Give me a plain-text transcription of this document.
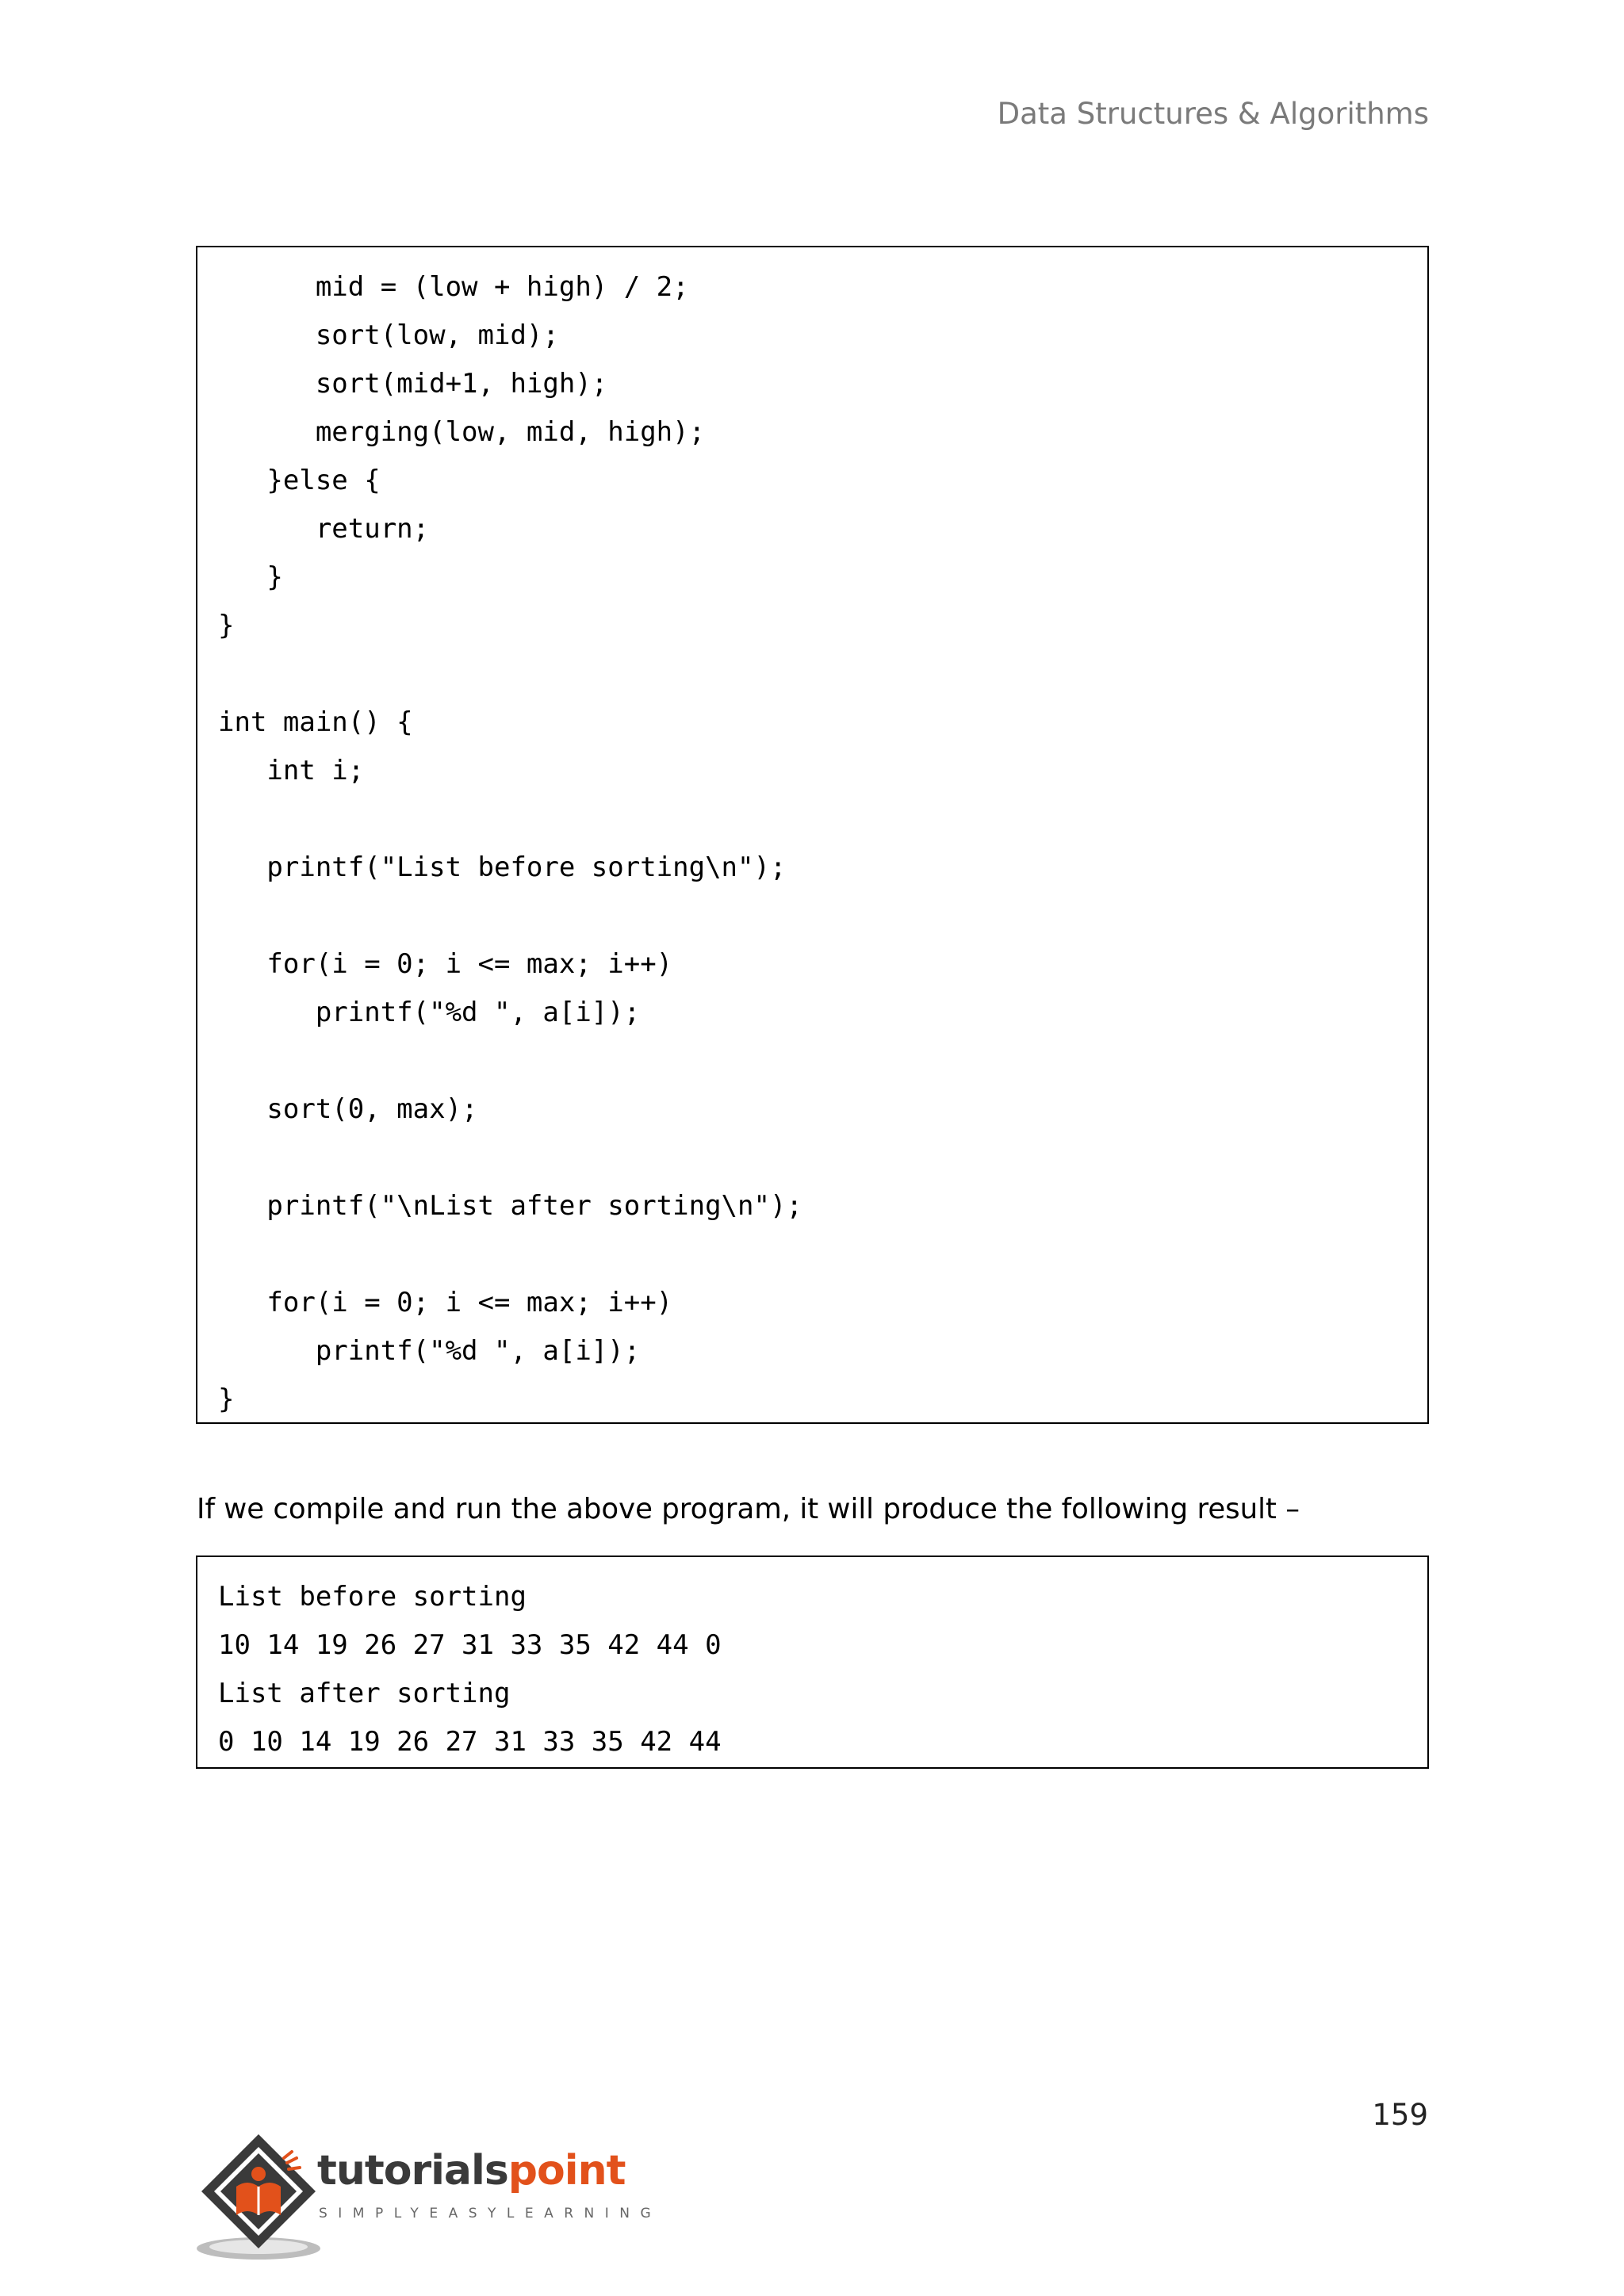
Data Structures & Algorithms
mid = (low + high) / 2;
sort(low, mid);
sort(mid+1, high);
merging(low, mid, high);
}else {
return;
}
}
int main() {
int i;
printf("List before sorting\n");
for(i = 0; i <= max; i++)
printf("%d ", a[i]);
sort(0, max);
printf("\nList after sorting\n");
for(i = 0; i <= max; i++)
printf("%d ", a[i]);
}
If we compile and run the above program, it will produce the following result –
List before sorting
10 14 19 26 27 31 33 35 42 44 0
List after sorting
0 10 14 19 26 27 31 33 35 42 44
159
tutorialspoint
SIMPLYEASYLEARNING
